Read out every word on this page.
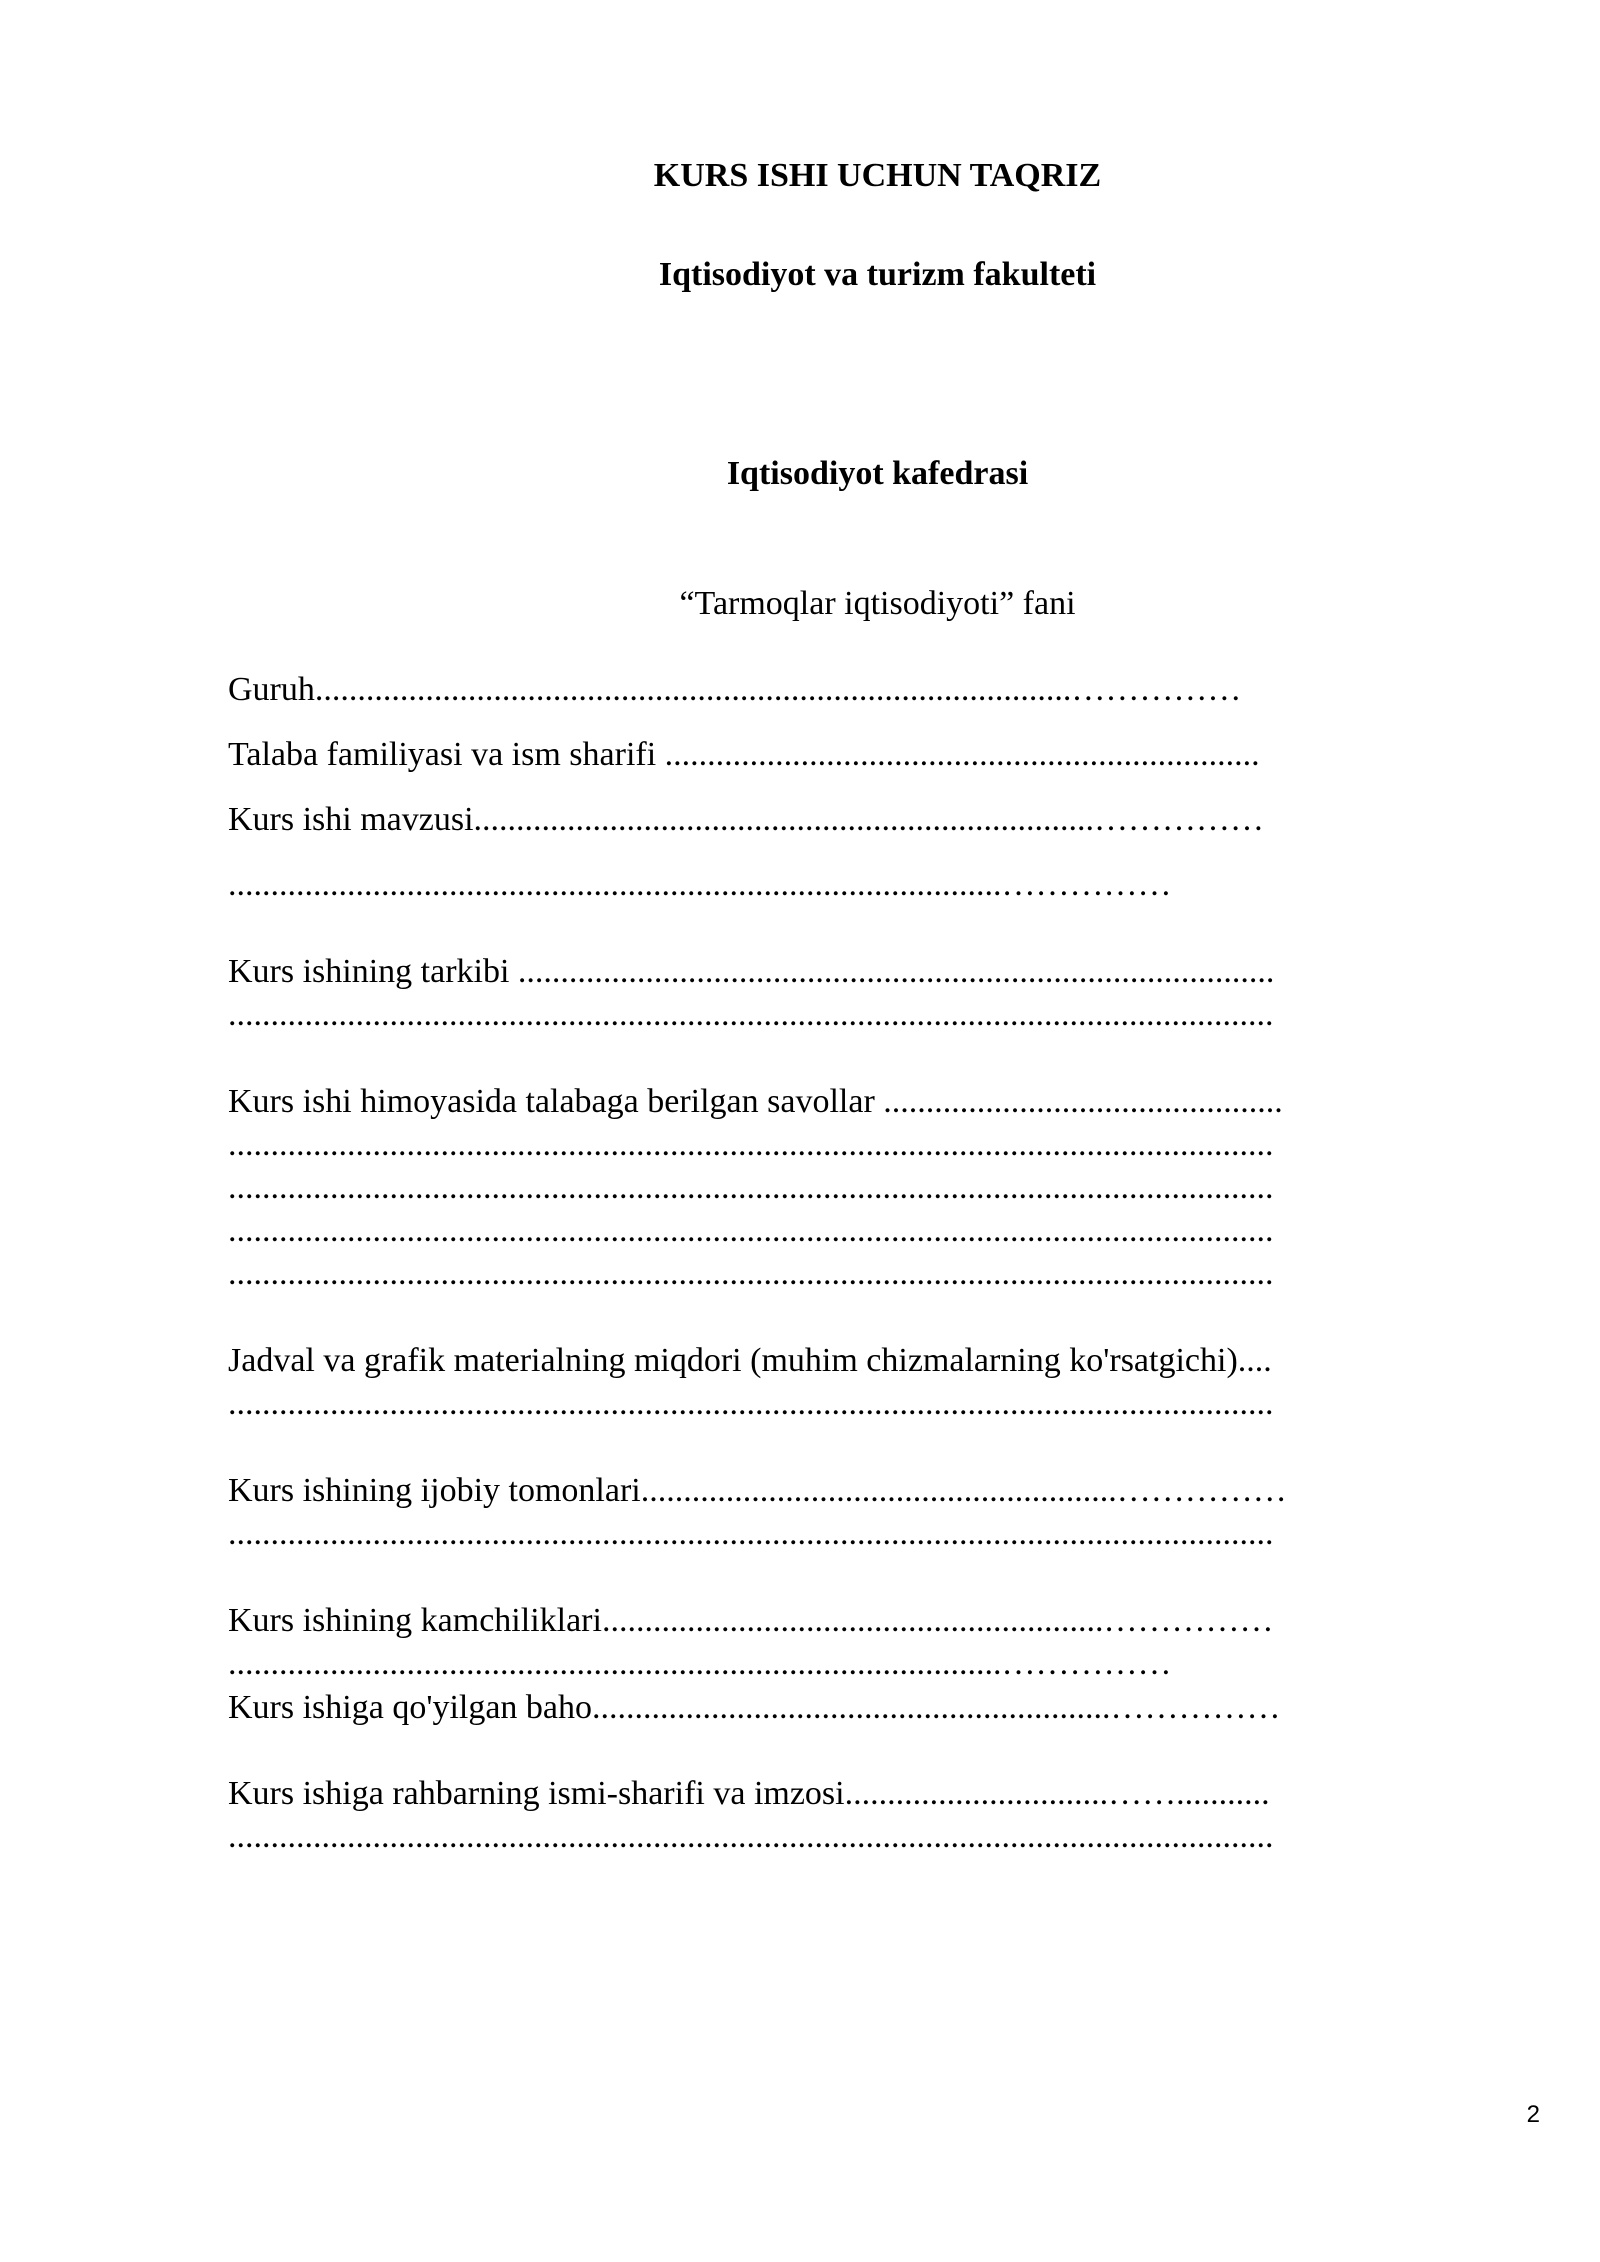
KURS ISHI UCHUN TAQRIZ
Iqtisodiyot va turizm fakulteti
Iqtisodiyot kafedrasi
“Tarmoqlar iqtisodiyoti” fani
Guruh.........................................................................................……………
Talaba familiyasi va ism sharifi ......................................................................
Kurs ishi mavzusi.........................................................................……………
...........................................................................................……………
Kurs ishining tarkibi .........................................................................................
...........................................................................................................................
Kurs ishi himoyasida talabaga berilgan savollar ...............................................
...........................................................................................................................
...........................................................................................................................
...........................................................................................................................
...........................................................................................................................
Jadval va grafik materialning miqdori (muhim chizmalarning ko'rsatgichi)....
...........................................................................................................................
Kurs ishining ijobiy tomonlari........................................................……………
...........................................................................................................................
Kurs ishining kamchiliklari...........................................................……………
...........................................................................................……………
Kurs ishiga qo'yilgan baho.............................................................……………
Kurs ishiga rahbarning ismi-sharifi va imzosi...............................……...........
...........................................................................................................................
2
